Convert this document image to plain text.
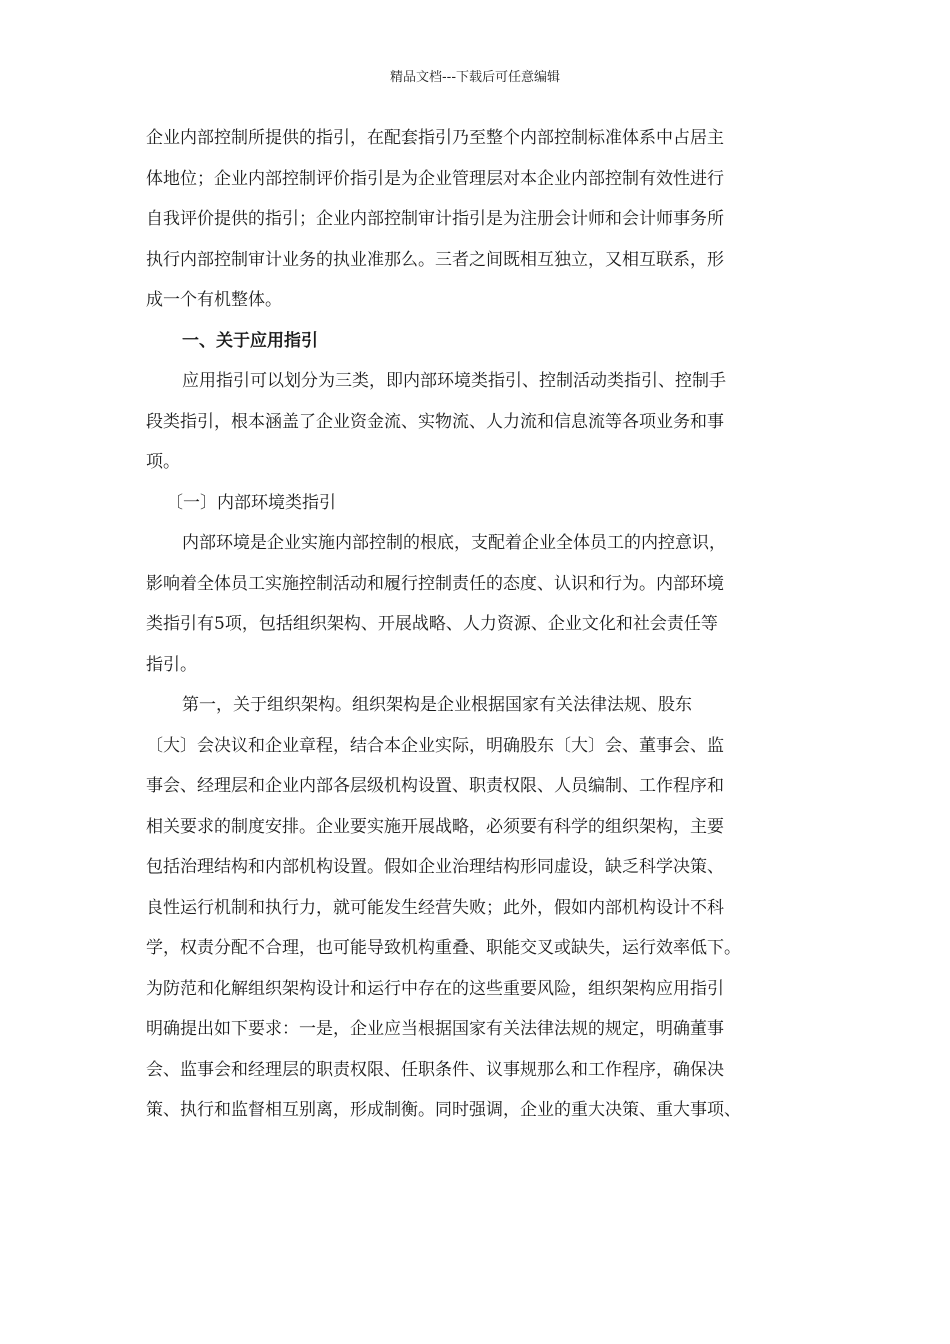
精品文档---下载后可任意编辑
企业内部控制所提供的指引，在配套指引乃至整个内部控制标准体系中占居主
体地位；企业内部控制评价指引是为企业管理层对本企业内部控制有效性进行
自我评价提供的指引；企业内部控制审计指引是为注册会计师和会计师事务所
执行内部控制审计业务的执业准那么。三者之间既相互独立，又相互联系，形
成一个有机整体。
一、关于应用指引
应用指引可以划分为三类，即内部环境类指引、控制活动类指引、控制手
段类指引，根本涵盖了企业资金流、实物流、人力流和信息流等各项业务和事
项。
〔一〕内部环境类指引
内部环境是企业实施内部控制的根底，支配着企业全体员工的内控意识，
影响着全体员工实施控制活动和履行控制责任的态度、认识和行为。内部环境
类指引有5项，包括组织架构、开展战略、人力资源、企业文化和社会责任等
指引。
第一，关于组织架构。组织架构是企业根据国家有关法律法规、股东
〔大〕会决议和企业章程，结合本企业实际，明确股东〔大〕会、董事会、监
事会、经理层和企业内部各层级机构设置、职责权限、人员编制、工作程序和
相关要求的制度安排。企业要实施开展战略，必须要有科学的组织架构，主要
包括治理结构和内部机构设置。假如企业治理结构形同虚设，缺乏科学决策、
良性运行机制和执行力，就可能发生经营失败；此外，假如内部机构设计不科
学，权责分配不合理，也可能导致机构重叠、职能交叉或缺失，运行效率低下。
为防范和化解组织架构设计和运行中存在的这些重要风险，组织架构应用指引
明确提出如下要求：一是，企业应当根据国家有关法律法规的规定，明确董事
会、监事会和经理层的职责权限、任职条件、议事规那么和工作程序，确保决
策、执行和监督相互别离，形成制衡。同时强调，企业的重大决策、重大事项、
